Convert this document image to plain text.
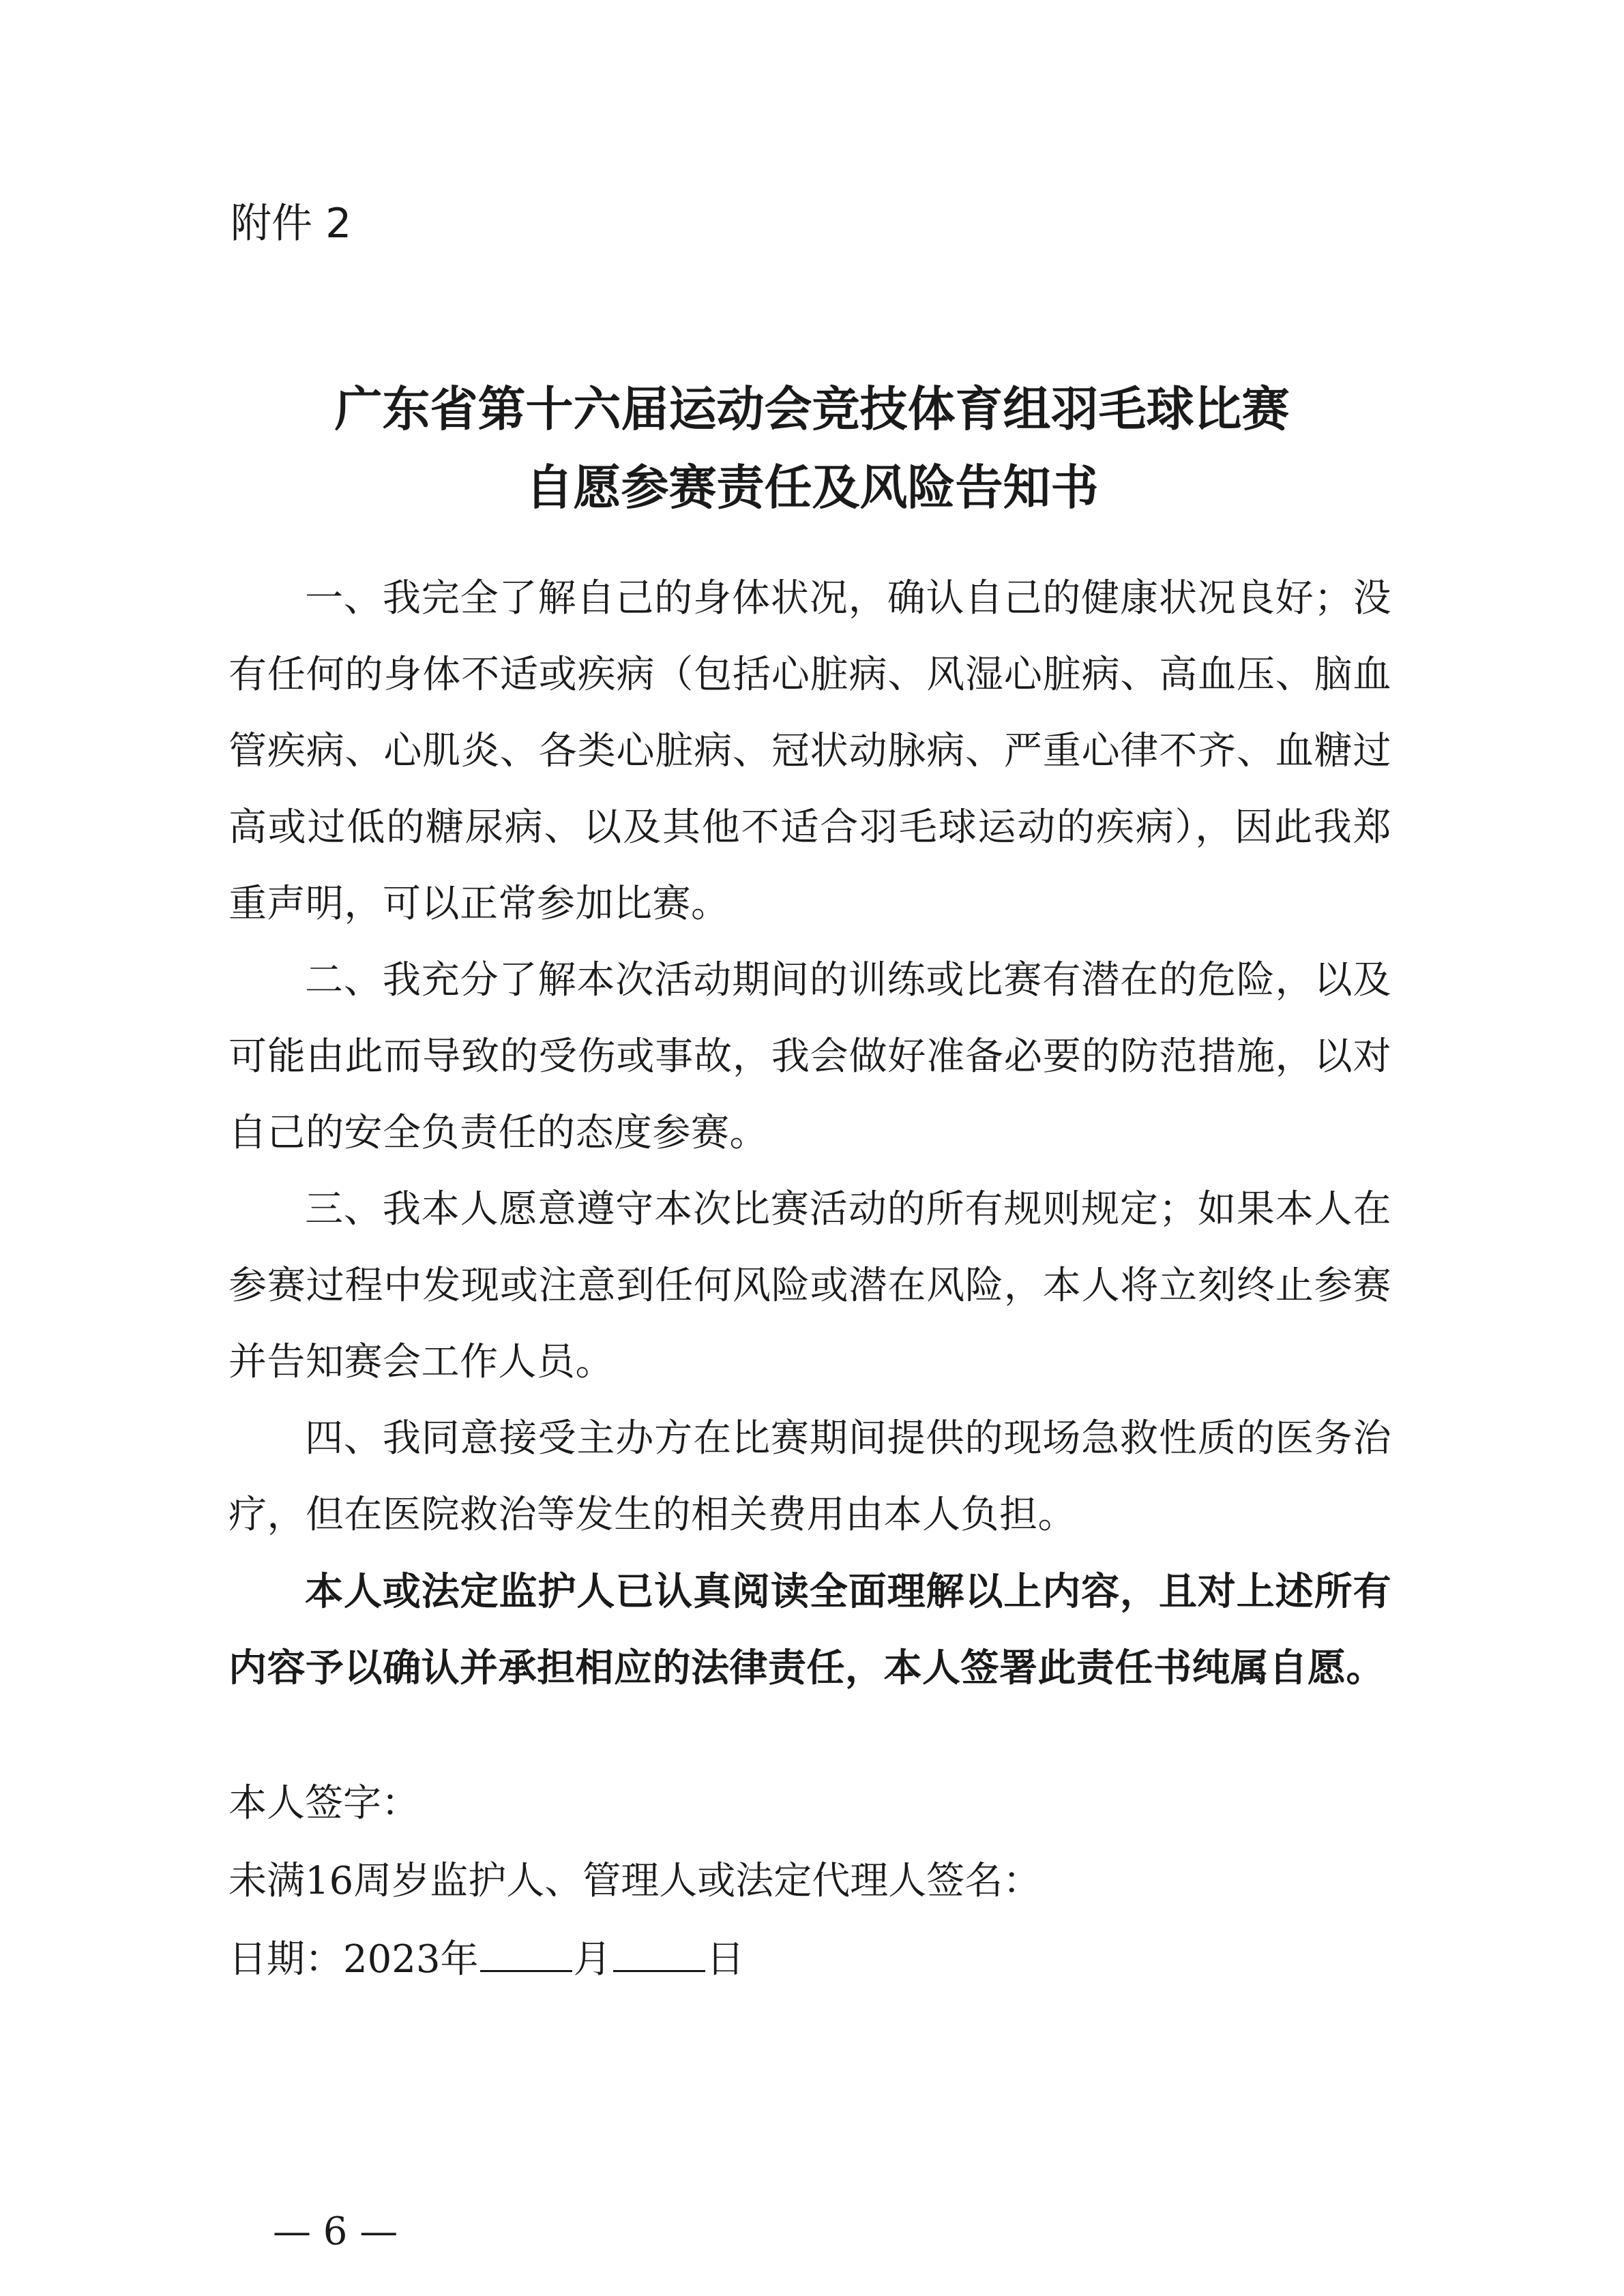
附件 2
广东省第十六届运动会竞技体育组羽毛球比赛
自愿参赛责任及风险告知书

一、我完全了解自己的身体状况，确认自己的健康状况良好；没有任何的身体不适或疾病（包括心脏病、风湿心脏病、高血压、脑血管疾病、心肌炎、各类心脏病、冠状动脉病、严重心律不齐、血糖过高或过低的糖尿病、以及其他不适合羽毛球运动的疾病），因此我郑重声明，可以正常参加比赛。

二、我充分了解本次活动期间的训练或比赛有潜在的危险，以及可能由此而导致的受伤或事故，我会做好准备必要的防范措施，以对自己的安全负责任的态度参赛。

三、我本人愿意遵守本次比赛活动的所有规则规定；如果本人在参赛过程中发现或注意到任何风险或潜在风险，本人将立刻终止参赛并告知赛会工作人员。

四、我同意接受主办方在比赛期间提供的现场急救性质的医务治疗，但在医院救治等发生的相关费用由本人负担。

本人或法定监护人已认真阅读全面理解以上内容，且对上述所有内容予以确认并承担相应的法律责任，本人签署此责任书纯属自愿。

本人签字：
未满16周岁监护人、管理人或法定代理人签名：
日期：2023年 月 日
— 6 —
